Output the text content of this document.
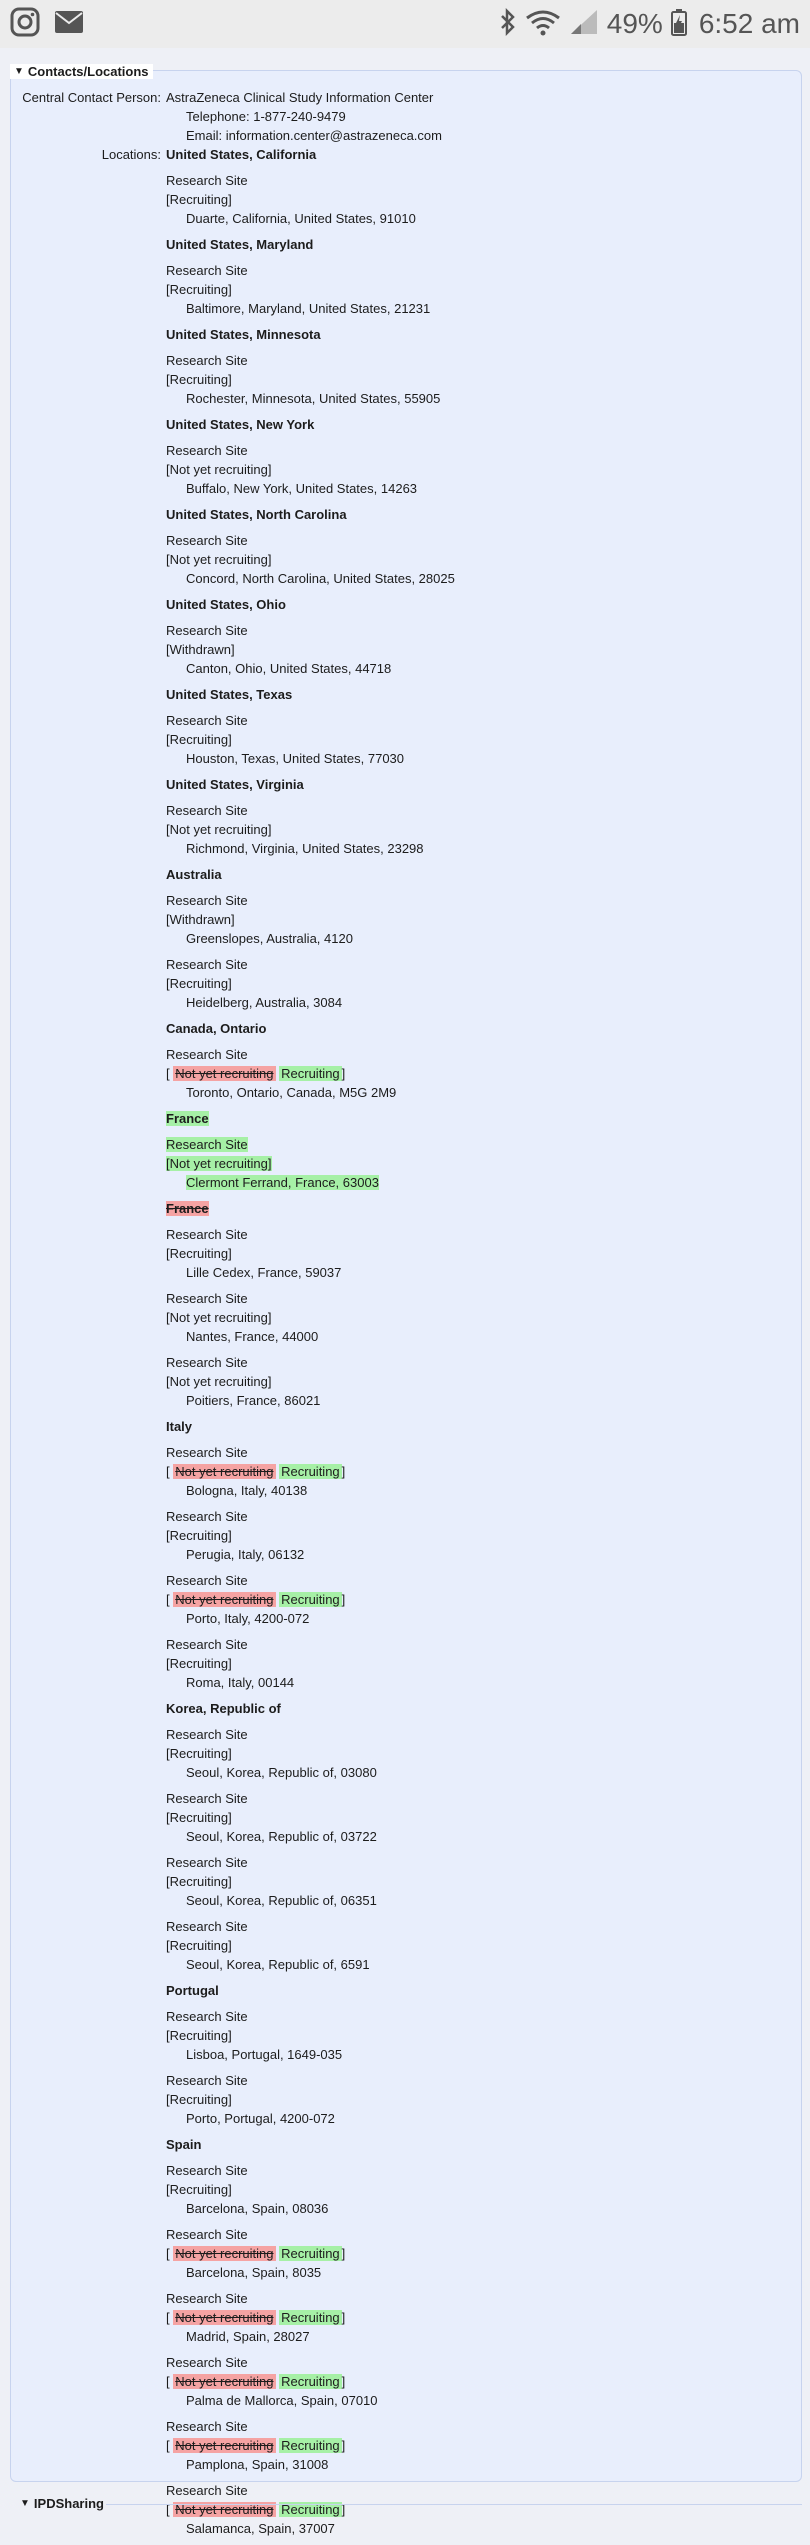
49% 6:52 am
▼ Contacts/Locations
Central Contact Person: AstraZeneca Clinical Study Information Center
Telephone: 1-877-240-9479
Email: information.center@astrazeneca.com
Locations: United States, California
Research Site
[Recruiting]
Duarte, California, United States, 91010
United States, Maryland
Research Site
[Recruiting]
Baltimore, Maryland, United States, 21231
United States, Minnesota
Research Site
[Recruiting]
Rochester, Minnesota, United States, 55905
United States, New York
Research Site
[Not yet recruiting]
Buffalo, New York, United States, 14263
United States, North Carolina
Research Site
[Not yet recruiting]
Concord, North Carolina, United States, 28025
United States, Ohio
Research Site
[Withdrawn]
Canton, Ohio, United States, 44718
United States, Texas
Research Site
[Recruiting]
Houston, Texas, United States, 77030
United States, Virginia
Research Site
[Not yet recruiting]
Richmond, Virginia, United States, 23298
Australia
Research Site
[Withdrawn]
Greenslopes, Australia, 4120
Research Site
[Recruiting]
Heidelberg, Australia, 3084
Canada, Ontario
Research Site
[ Not yet recruiting Recruiting ]
Toronto, Ontario, Canada, M5G 2M9
France
Research Site
[Not yet recruiting]
Clermont Ferrand, France, 63003
France
Research Site
[Recruiting]
Lille Cedex, France, 59037
Research Site
[Not yet recruiting]
Nantes, France, 44000
Research Site
[Not yet recruiting]
Poitiers, France, 86021
Italy
Research Site
[ Not yet recruiting Recruiting ]
Bologna, Italy, 40138
Research Site
[Recruiting]
Perugia, Italy, 06132
Research Site
[ Not yet recruiting Recruiting ]
Porto, Italy, 4200-072
Research Site
[Recruiting]
Roma, Italy, 00144
Korea, Republic of
Research Site
[Recruiting]
Seoul, Korea, Republic of, 03080
Research Site
[Recruiting]
Seoul, Korea, Republic of, 03722
Research Site
[Recruiting]
Seoul, Korea, Republic of, 06351
Research Site
[Recruiting]
Seoul, Korea, Republic of, 6591
Portugal
Research Site
[Recruiting]
Lisboa, Portugal, 1649-035
Research Site
[Recruiting]
Porto, Portugal, 4200-072
Spain
Research Site
[Recruiting]
Barcelona, Spain, 08036
Research Site
[ Not yet recruiting Recruiting ]
Barcelona, Spain, 8035
Research Site
[ Not yet recruiting Recruiting ]
Madrid, Spain, 28027
Research Site
[ Not yet recruiting Recruiting ]
Palma de Mallorca, Spain, 07010
Research Site
[ Not yet recruiting Recruiting ]
Pamplona, Spain, 31008
Research Site
[ Not yet recruiting Recruiting ]
Salamanca, Spain, 37007
▼ IPDSharing
